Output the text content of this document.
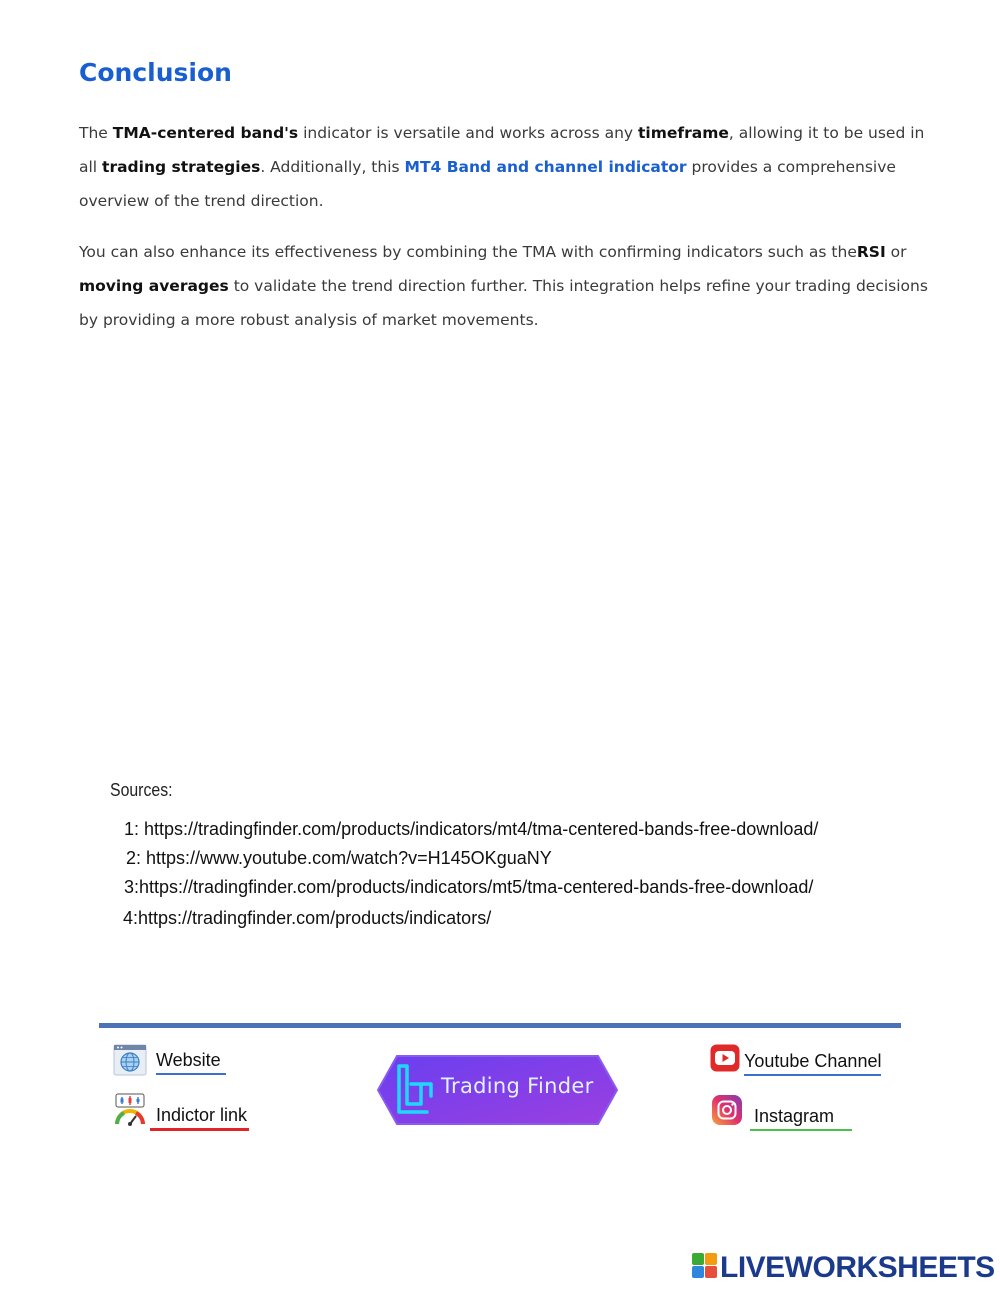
Conclusion

The TMA-centered band's indicator is versatile and works across any timeframe, allowing it to be used in all trading strategies. Additionally, this MT4 Band and channel indicator provides a comprehensive overview of the trend direction.

You can also enhance its effectiveness by combining the TMA with confirming indicators such as theRSI or moving averages to validate the trend direction further. This integration helps refine your trading decisions by providing a more robust analysis of market movements.

Sources:
1: https://tradingfinder.com/products/indicators/mt4/tma-centered-bands-free-download/
2: https://www.youtube.com/watch?v=H145OKguaNY
3:https://tradingfinder.com/products/indicators/mt5/tma-centered-bands-free-download/
4:https://tradingfinder.com/products/indicators/
Website
Indictor link
Trading Finder
Youtube Channel
Instagram
LIVEWORKSHEETS
